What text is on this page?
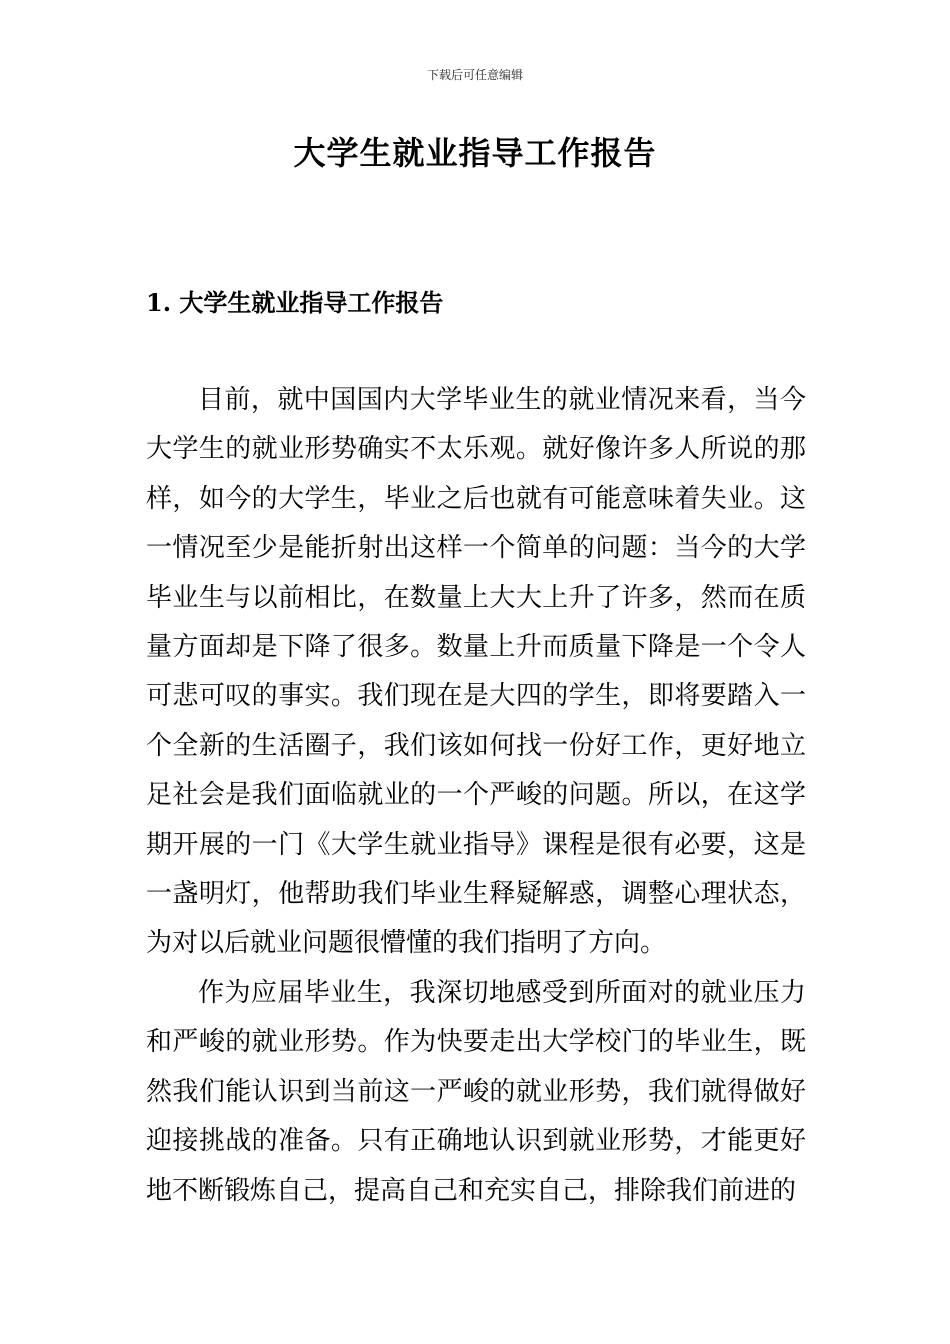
下载后可任意编辑
大学生就业指导工作报告
1. 大学生就业指导工作报告

目前，就中国国内大学毕业生的就业情况来看，当今大学生的就业形势确实不太乐观。就好像许多人所说的那样，如今的大学生，毕业之后也就有可能意味着失业。这一情况至少是能折射出这样一个简单的问题：当今的大学毕业生与以前相比，在数量上大大上升了许多，然而在质量方面却是下降了很多。数量上升而质量下降是一个令人可悲可叹的事实。我们现在是大四的学生，即将要踏入一个全新的生活圈子，我们该如何找一份好工作，更好地立足社会是我们面临就业的一个严峻的问题。所以，在这学期开展的一门《大学生就业指导》课程是很有必要，这是一盏明灯，他帮助我们毕业生释疑解惑，调整心理状态，为对以后就业问题很懵懂的我们指明了方向。

作为应届毕业生，我深切地感受到所面对的就业压力和严峻的就业形势。作为快要走出大学校门的毕业生，既然我们能认识到当前这一严峻的就业形势，我们就得做好迎接挑战的准备。只有正确地认识到就业形势，才能更好地不断锻炼自己，提高自己和充实自己，排除我们前进的
